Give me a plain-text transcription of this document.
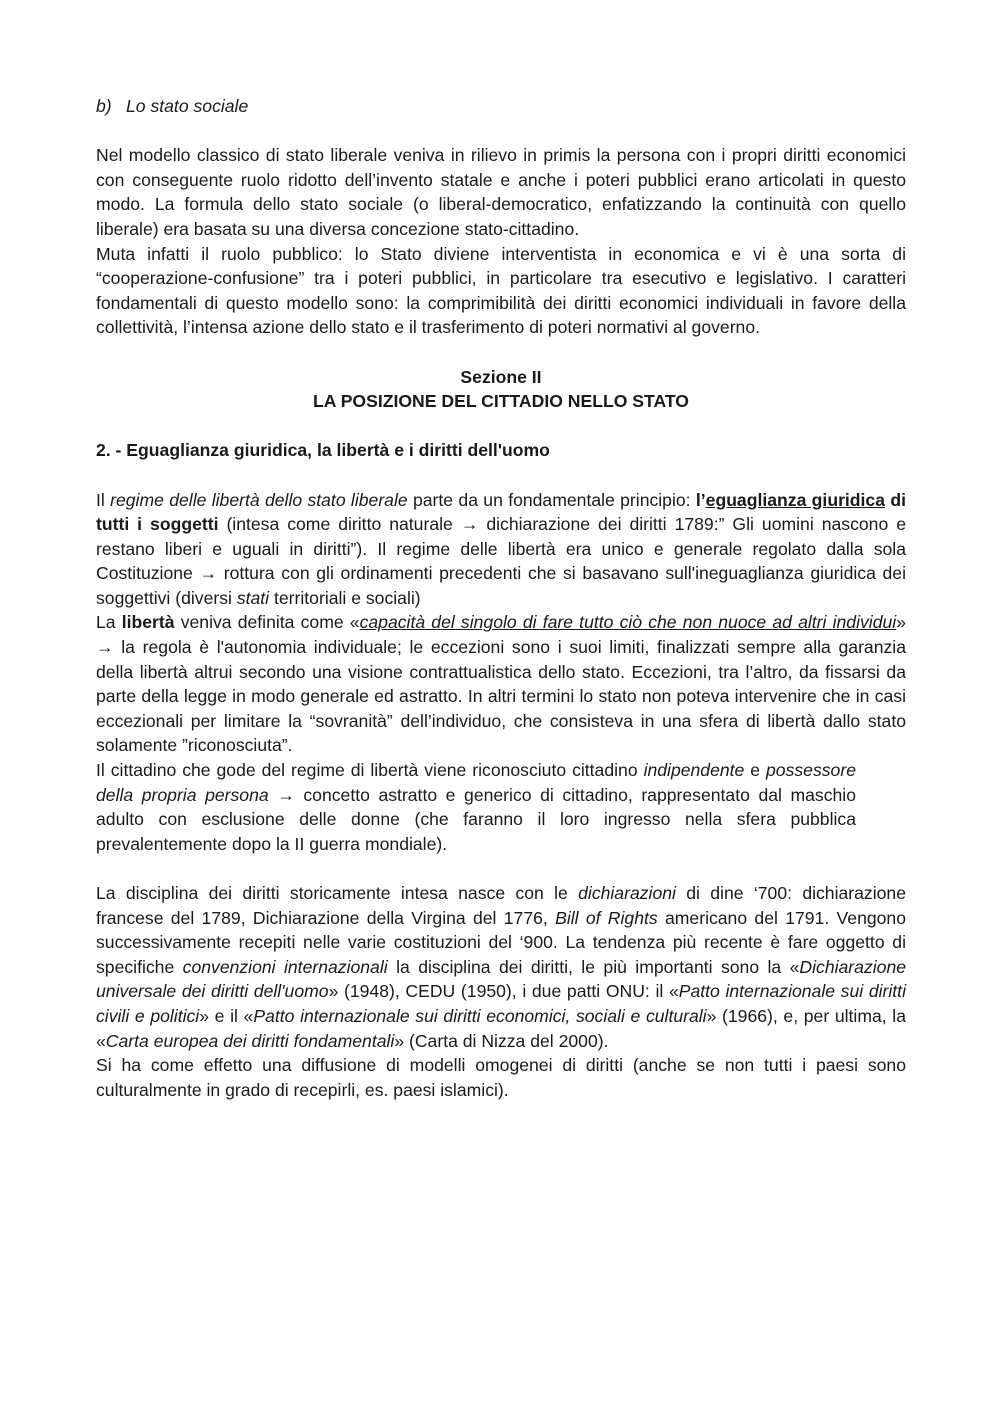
b) Lo stato sociale

Nel modello classico di stato liberale veniva in rilievo in primis la persona con i propri diritti economici con conseguente ruolo ridotto dell’invento statale e anche i poteri pubblici erano articolati in questo modo. La formula dello stato sociale (o liberal-democratico, enfatizzando la continuità con quello liberale) era basata su una diversa concezione stato-cittadino.

Muta infatti il ruolo pubblico: lo Stato diviene interventista in economica e vi è una sorta di “cooperazione-confusione” tra i poteri pubblici, in particolare tra esecutivo e legislativo. I caratteri fondamentali di questo modello sono: la comprimibilità dei diritti economici individuali in favore della collettività, l’intensa azione dello stato e il trasferimento di poteri normativi al governo.

Sezione II

LA POSIZIONE DEL CITTADIO NELLO STATO

2. - Eguaglianza giuridica, la libertà e i diritti dell'uomo

Il regime delle libertà dello stato liberale parte da un fondamentale principio: l’eguaglianza giuridica di tutti i soggetti (intesa come diritto naturale → dichiarazione dei diritti 1789:” Gli uomini nascono e restano liberi e uguali in diritti”). Il regime delle libertà era unico e generale regolato dalla sola Costituzione → rottura con gli ordinamenti precedenti che si basavano sull'ineguaglianza giuridica dei soggettivi (diversi stati territoriali e sociali)

La libertà veniva definita come «capacità del singolo di fare tutto ciò che non nuoce ad altri individui» → la regola è l'autonomia individuale; le eccezioni sono i suoi limiti, finalizzati sempre alla garanzia della libertà altrui secondo una visione contrattualistica dello stato. Eccezioni, tra l’altro, da fissarsi da parte della legge in modo generale ed astratto. In altri termini lo stato non poteva intervenire che in casi eccezionali per limitare la “sovranità” dell’individuo, che consisteva in una sfera di libertà dallo stato solamente ”riconosciuta”.

Il cittadino che gode del regime di libertà viene riconosciuto cittadino indipendente e possessore della propria persona → concetto astratto e generico di cittadino, rappresentato dal maschio adulto con esclusione delle donne (che faranno il loro ingresso nella sfera pubblica prevalentemente dopo la II guerra mondiale).

La disciplina dei diritti storicamente intesa nasce con le dichiarazioni di dine ‘700: dichiarazione francese del 1789, Dichiarazione della Virgina del 1776, Bill of Rights americano del 1791. Vengono successivamente recepiti nelle varie costituzioni del ‘900. La tendenza più recente è fare oggetto di specifiche convenzioni internazionali la disciplina dei diritti, le più importanti sono la «Dichiarazione universale dei diritti dell'uomo» (1948), CEDU (1950), i due patti ONU: il «Patto internazionale sui diritti civili e politici» e il «Patto internazionale sui diritti economici, sociali e culturali» (1966), e, per ultima, la «Carta europea dei diritti fondamentali» (Carta di Nizza del 2000).

Si ha come effetto una diffusione di modelli omogenei di diritti (anche se non tutti i paesi sono culturalmente in grado di recepirli, es. paesi islamici).
